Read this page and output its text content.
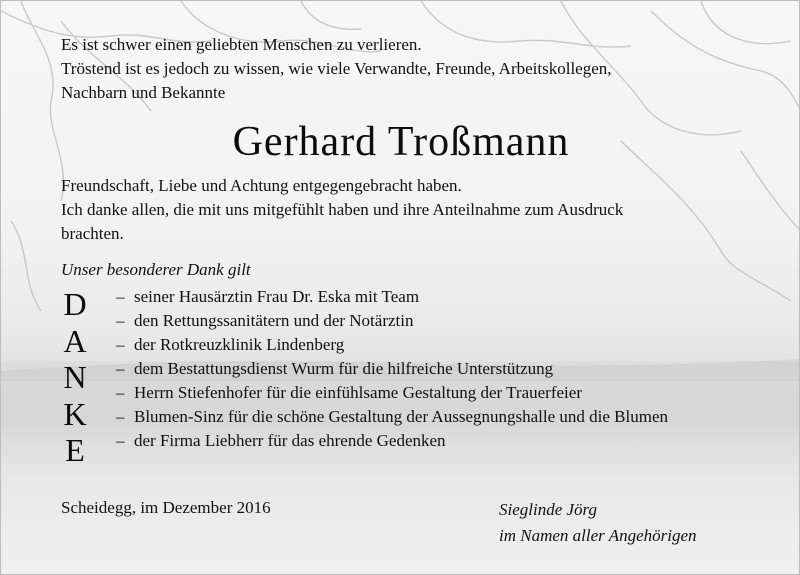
Es ist schwer einen geliebten Menschen zu verlieren.
Tröstend ist es jedoch zu wissen, wie viele Verwandte, Freunde, Arbeitskollegen,
Nachbarn und Bekannte
Gerhard Troßmann
Freundschaft, Liebe und Achtung entgegengebracht haben.
Ich danke allen, die mit uns mitgefühlt haben und ihre Anteilnahme zum Ausdruck
brachten.
Unser besonderer Dank gilt
D
A
N
K
E
– seiner Hausärztin Frau Dr. Eska mit Team
– den Rettungssanitätern und der Notärztin
– der Rotkreuzklinik Lindenberg
– dem Bestattungsdienst Wurm für die hilfreiche Unterstützung
– Herrn Stiefenhofer für die einfühlsame Gestaltung der Trauerfeier
– Blumen-Sinz für die schöne Gestaltung der Aussegnungshalle und die Blumen
– der Firma Liebherr für das ehrende Gedenken
Scheidegg, im Dezember 2016	Sieglinde Jörg
im Namen aller Angehörigen
